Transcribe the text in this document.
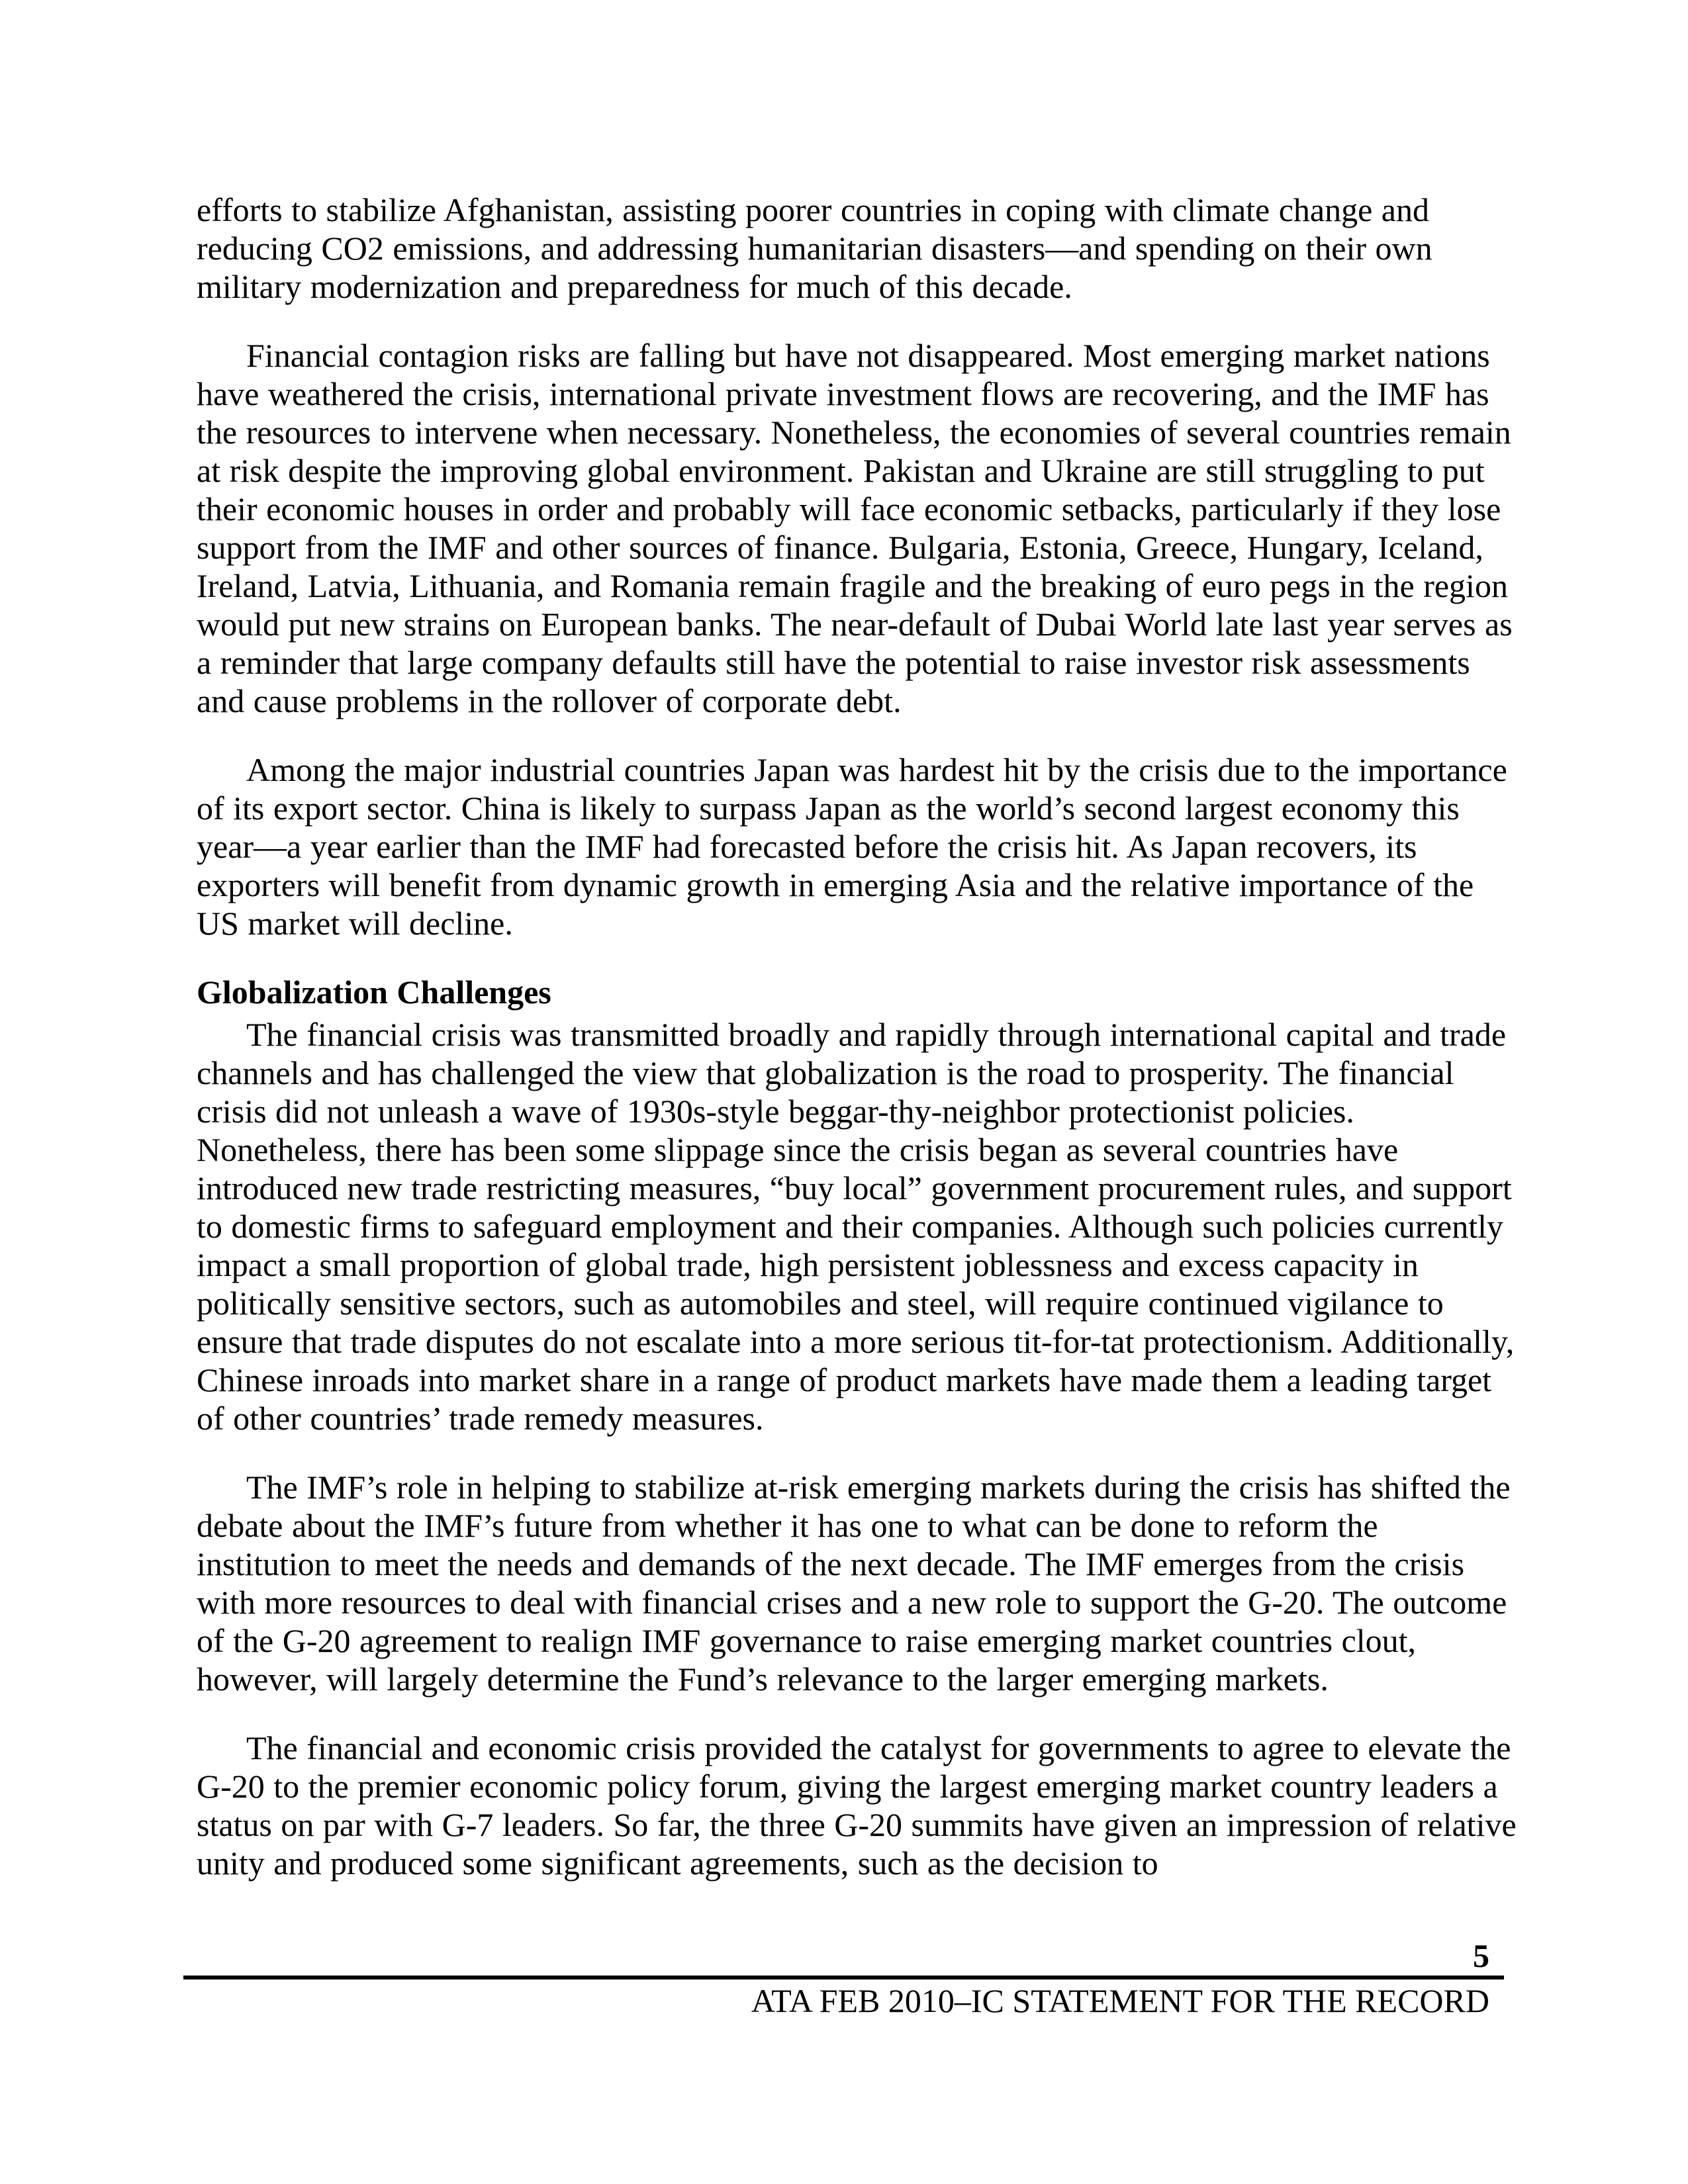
efforts to stabilize Afghanistan, assisting poorer countries in coping with climate change and reducing CO2 emissions, and addressing humanitarian disasters—and spending on their own military modernization and preparedness for much of this decade.

Financial contagion risks are falling but have not disappeared. Most emerging market nations have weathered the crisis, international private investment flows are recovering, and the IMF has the resources to intervene when necessary. Nonetheless, the economies of several countries remain at risk despite the improving global environment. Pakistan and Ukraine are still struggling to put their economic houses in order and probably will face economic setbacks, particularly if they lose support from the IMF and other sources of finance. Bulgaria, Estonia, Greece, Hungary, Iceland, Ireland, Latvia, Lithuania, and Romania remain fragile and the breaking of euro pegs in the region would put new strains on European banks. The near-default of Dubai World late last year serves as a reminder that large company defaults still have the potential to raise investor risk assessments and cause problems in the rollover of corporate debt.

Among the major industrial countries Japan was hardest hit by the crisis due to the importance of its export sector. China is likely to surpass Japan as the world’s second largest economy this year—a year earlier than the IMF had forecasted before the crisis hit. As Japan recovers, its exporters will benefit from dynamic growth in emerging Asia and the relative importance of the US market will decline.

Globalization Challenges

The financial crisis was transmitted broadly and rapidly through international capital and trade channels and has challenged the view that globalization is the road to prosperity. The financial crisis did not unleash a wave of 1930s-style beggar-thy-neighbor protectionist policies. Nonetheless, there has been some slippage since the crisis began as several countries have introduced new trade restricting measures, “buy local” government procurement rules, and support to domestic firms to safeguard employment and their companies. Although such policies currently impact a small proportion of global trade, high persistent joblessness and excess capacity in politically sensitive sectors, such as automobiles and steel, will require continued vigilance to ensure that trade disputes do not escalate into a more serious tit-for-tat protectionism. Additionally, Chinese inroads into market share in a range of product markets have made them a leading target of other countries’ trade remedy measures.

The IMF’s role in helping to stabilize at-risk emerging markets during the crisis has shifted the debate about the IMF’s future from whether it has one to what can be done to reform the institution to meet the needs and demands of the next decade. The IMF emerges from the crisis with more resources to deal with financial crises and a new role to support the G-20. The outcome of the G-20 agreement to realign IMF governance to raise emerging market countries clout, however, will largely determine the Fund’s relevance to the larger emerging markets.

The financial and economic crisis provided the catalyst for governments to agree to elevate the G-20 to the premier economic policy forum, giving the largest emerging market country leaders a status on par with G-7 leaders. So far, the three G-20 summits have given an impression of relative unity and produced some significant agreements, such as the decision to

5
ATA FEB 2010–IC STATEMENT FOR THE RECORD
